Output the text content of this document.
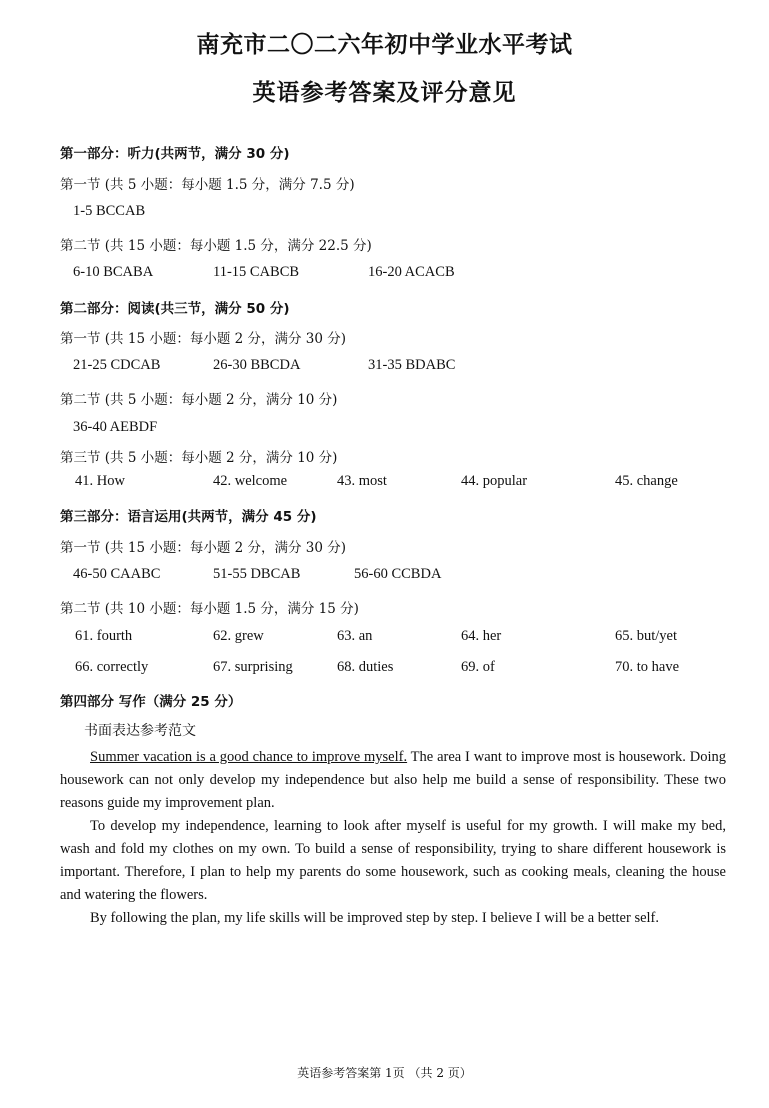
南充市二〇二六年初中学业水平考试
英语参考答案及评分意见
第一部分：听力(共两节，满分 30 分)
第一节 (共 5 小题：每小题 1.5 分，满分 7.5 分)
1-5 BCCAB
第二节 (共 15 小题：每小题 1.5 分，满分 22.5 分)
6-10 BCABA	11-15 CABCB	16-20 ACACB
第二部分：阅读(共三节，满分 50 分)
第一节 (共 15 小题：每小题 2 分，满分 30 分)
21-25 CDCAB	26-30 BBCDA	31-35 BDABC
第二节 (共 5 小题：每小题 2 分，满分 10 分)
36-40 AEBDF
第三节 (共 5 小题：每小题 2 分，满分 10 分)
41. How	42. welcome	43. most	44. popular	45. change
第三部分：语言运用(共两节，满分 45 分)
第一节 (共 15 小题：每小题 2 分，满分 30 分)
46-50 CAABC	51-55 DBCAB	56-60 CCBDA
第二节 (共 10 小题：每小题 1.5 分，满分 15 分)
61. fourth	62. grew	63. an	64. her	65. but/yet
66. correctly	67. surprising	68. duties	69. of	70. to have
第四部分 写作（满分 25 分）
书面表达参考范文

Summer vacation is a good chance to improve myself. The area I want to improve most is housework. Doing housework can not only develop my independence but also help me build a sense of responsibility. These two reasons guide my improvement plan.

To develop my independence, learning to look after myself is useful for my growth. I will make my bed, wash and fold my clothes on my own. To build a sense of responsibility, trying to share different housework is important. Therefore, I plan to help my parents do some housework, such as cooking meals, cleaning the house and watering the flowers.

By following the plan, my life skills will be improved step by step. I believe I will be a better self.

英语参考答案第 1页 （共 2 页）
